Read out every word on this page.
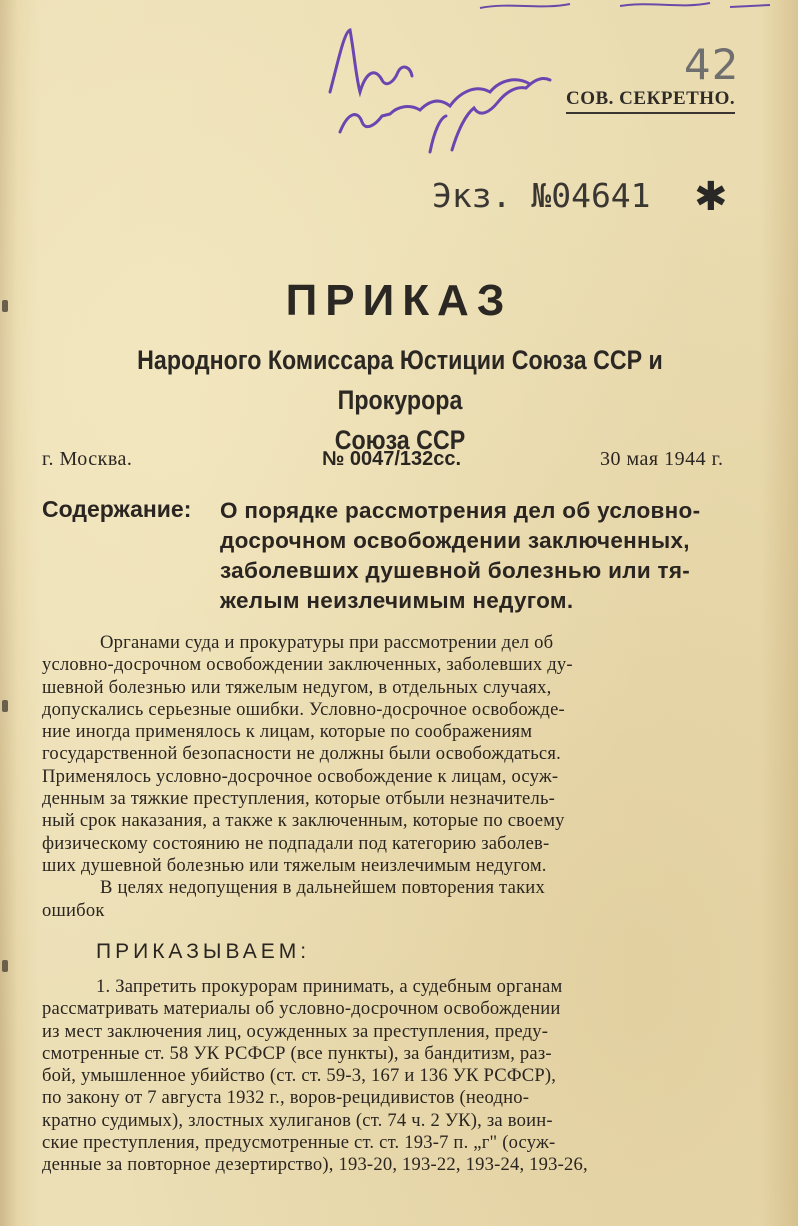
42
СОВ. СЕКРЕТНО.
Экз. №04641 ✱
ПРИКАЗ
Народного Комиссара Юстиции Союза ССР и Прокурора
Союза ССР
г. Москва.	№ 0047/132сс.	30 мая 1944 г.
Содержание: О порядке рассмотрения дел об условно-
досрочном освобождении заключенных,
заболевших душевной болезнью или тя-
желым неизлечимым недугом.
Органами суда и прокуратуры при рассмотрении дел об
условно-досрочном освобождении заключенных, заболевших ду-
шевной болезнью или тяжелым недугом, в отдельных случаях,
допускались серьезные ошибки. Условно-досрочное освобожде-
ние иногда применялось к лицам, которые по соображениям
государственной безопасности не должны были освобождаться.
Применялось условно-досрочное освобождение к лицам, осуж-
денным за тяжкие преступления, которые отбыли незначитель-
ный срок наказания, а также к заключенным, которые по своему
физическому состоянию не подпадали под категорию заболев-
ших душевной болезнью или тяжелым неизлечимым недугом.
В целях недопущения в дальнейшем повторения таких
ошибок
ПРИКАЗЫВАЕМ:
1. Запретить прокурорам принимать, а судебным органам
рассматривать материалы об условно-досрочном освобождении
из мест заключения лиц, осужденных за преступления, преду-
смотренные ст. 58 УК РСФСР (все пункты), за бандитизм, раз-
бой, умышленное убийство (ст. ст. 59-3, 167 и 136 УК РСФСР),
по закону от 7 августа 1932 г., воров-рецидивистов (неодно-
кратно судимых), злостных хулиганов (ст. 74 ч. 2 УК), за воин-
ские преступления, предусмотренные ст. ст. 193-7 п. „г" (осуж-
денные за повторное дезертирство), 193-20, 193-22, 193-24, 193-26,
